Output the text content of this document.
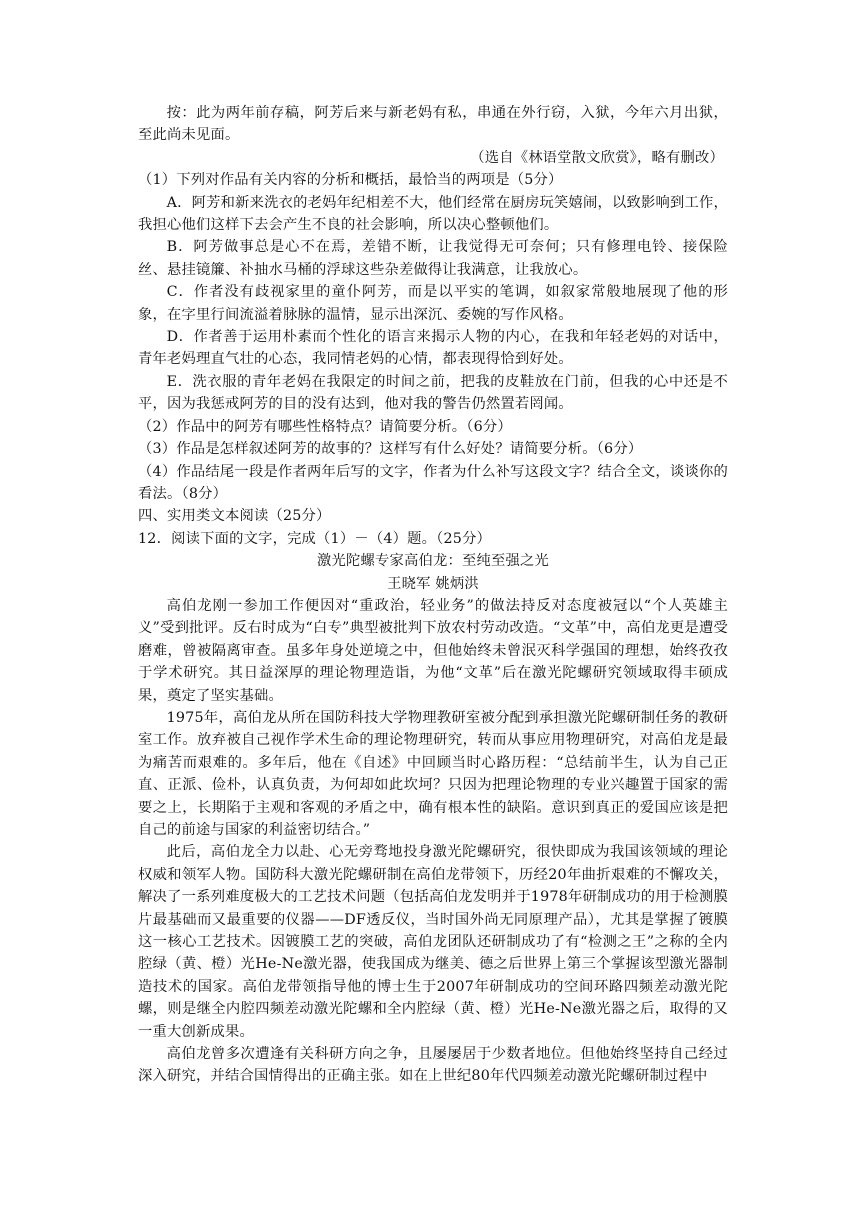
按：此为两年前存稿，阿芳后来与新老妈有私，串通在外行窃，入狱，今年六月出狱，至此尚未见面。

（选自《林语堂散文欣赏》，略有删改）

（1）下列对作品有关内容的分析和概括，最恰当的两项是（5分）

A．阿芳和新来洗衣的老妈年纪相差不大，他们经常在厨房玩笑嬉闹，以致影响到工作，我担心他们这样下去会产生不良的社会影响，所以决心整顿他们。

B．阿芳做事总是心不在焉，差错不断，让我觉得无可奈何；只有修理电铃、接保险丝、悬挂镜簾、补抽水马桶的浮球这些杂差做得让我满意，让我放心。

C．作者没有歧视家里的童仆阿芳，而是以平实的笔调，如叙家常般地展现了他的形象，在字里行间流溢着脉脉的温情，显示出深沉、委婉的写作风格。

D．作者善于运用朴素而个性化的语言来揭示人物的内心，在我和年轻老妈的对话中，青年老妈理直气壮的心态，我同情老妈的心情，都表现得恰到好处。

E．洗衣服的青年老妈在我限定的时间之前，把我的皮鞋放在门前，但我的心中还是不平，因为我惩戒阿芳的目的没有达到，他对我的警告仍然置若罔闻。

（2）作品中的阿芳有哪些性格特点？请简要分析。（6分）

（3）作品是怎样叙述阿芳的故事的？这样写有什么好处？请简要分析。（6分）

（4）作品结尾一段是作者两年后写的文字，作者为什么补写这段文字？结合全文，谈谈你的看法。（8分）

四、实用类文本阅读（25分）

12．阅读下面的文字，完成（1）－（4）题。（25分）

激光陀螺专家高伯龙：至纯至强之光

王晓军 姚炳洪

高伯龙刚一参加工作便因对“重政治，轻业务”的做法持反对态度被冠以“个人英雄主义”受到批评。反右时成为“白专”典型被批判下放农村劳动改造。“文革”中，高伯龙更是遭受磨难，曾被隔离审查。虽多年身处逆境之中，但他始终未曾泯灭科学强国的理想，始终孜孜于学术研究。其日益深厚的理论物理造诣，为他“文革”后在激光陀螺研究领域取得丰硕成果，奠定了坚实基础。

1975年，高伯龙从所在国防科技大学物理教研室被分配到承担激光陀螺研制任务的教研室工作。放弃被自己视作学术生命的理论物理研究，转而从事应用物理研究，对高伯龙是最为痛苦而艰难的。多年后，他在《自述》中回顾当时心路历程：“总结前半生，认为自己正直、正派、俭朴，认真负责，为何却如此坎坷？只因为把理论物理的专业兴趣置于国家的需要之上，长期陷于主观和客观的矛盾之中，确有根本性的缺陷。意识到真正的爱国应该是把自己的前途与国家的利益密切结合。”

此后，高伯龙全力以赴、心无旁骛地投身激光陀螺研究，很快即成为我国该领域的理论权威和领军人物。国防科大激光陀螺研制在高伯龙带领下，历经20年曲折艰难的不懈攻关，解决了一系列难度极大的工艺技术问题（包括高伯龙发明并于1978年研制成功的用于检测膜片最基础而又最重要的仪器——DF透反仪，当时国外尚无同原理产品），尤其是掌握了镀膜这一核心工艺技术。因镀膜工艺的突破，高伯龙团队还研制成功了有“检测之王”之称的全内腔绿（黄、橙）光He-Ne激光器，使我国成为继美、德之后世界上第三个掌握该型激光器制造技术的国家。高伯龙带领指导他的博士生于2007年研制成功的空间环路四频差动激光陀螺，则是继全内腔四频差动激光陀螺和全内腔绿（黄、橙）光He-Ne激光器之后，取得的又一重大创新成果。

高伯龙曾多次遭逢有关科研方向之争，且屡屡居于少数者地位。但他始终坚持自己经过深入研究，并结合国情得出的正确主张。如在上世纪80年代四频差动激光陀螺研制过程中
